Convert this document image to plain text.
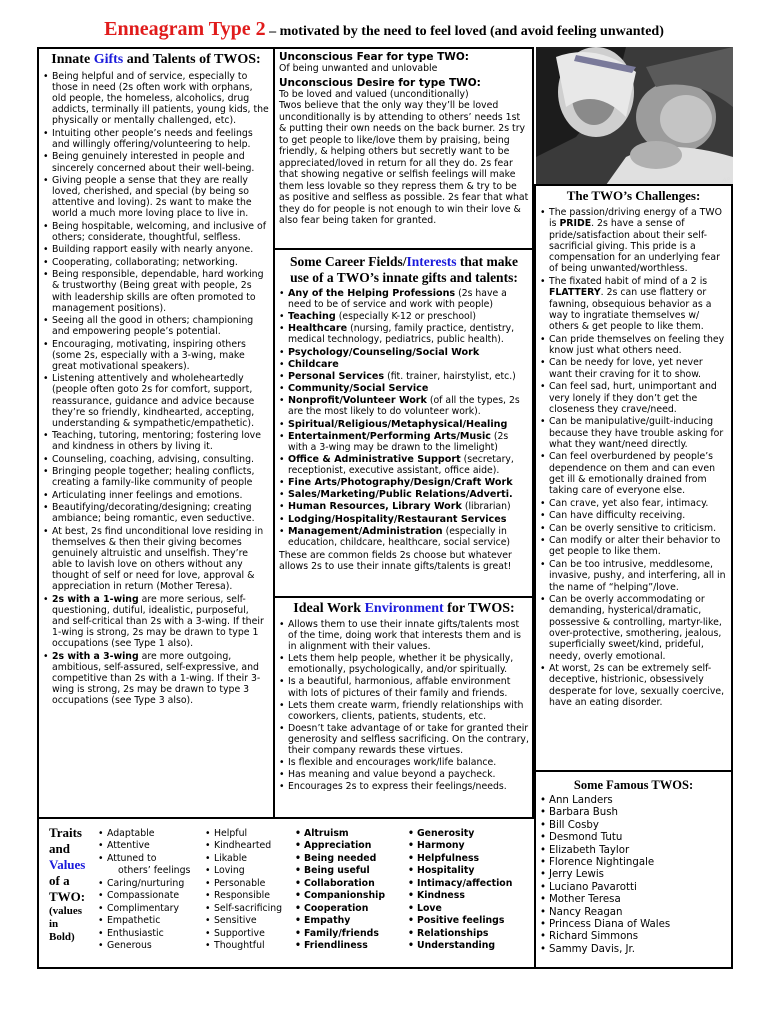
Enneagram Type 2 – motivated by the need to feel loved (and avoid feeling unwanted)
Innate Gifts and Talents of TWOS:
• Being helpful and of service, especially to those in need (2s often work with orphans, old people, the homeless, alcoholics, drug addicts, terminally ill patients, young kids, the physically or mentally challenged, etc).
• Intuiting other people’s needs and feelings and willingly offering/volunteering to help.
• Being genuinely interested in people and sincerely concerned about their well-being.
• Giving people a sense that they are really loved, cherished, and special (by being so attentive and loving). 2s want to make the world a much more loving place to live in.
• Being hospitable, welcoming, and inclusive of others; considerate, thoughtful, selfless.
• Building rapport easily with nearly anyone.
• Cooperating, collaborating; networking.
• Being responsible, dependable, hard working & trustworthy (Being great with people, 2s with leadership skills are often promoted to management positions).
• Seeing all the good in others; championing and empowering people’s potential.
• Encouraging, motivating, inspiring others (some 2s, especially with a 3-wing, make great motivational speakers).
• Listening attentively and wholeheartedly (people often goto 2s for comfort, support, reassurance, guidance and advice because they’re so friendly, kindhearted, accepting, understanding & sympathetic/empathetic).
• Teaching, tutoring, mentoring; fostering love and kindness in others by living it.
• Counseling, coaching, advising, consulting.
• Bringing people together; healing conflicts, creating a family-like community of people
• Articulating inner feelings and emotions.
• Beautifying/decorating/designing; creating ambiance; being romantic, even seductive.
• At best, 2s find unconditional love residing in themselves & then their giving becomes genuinely altruistic and unselfish. They’re able to lavish love on others without any thought of self or need for love, approval & appreciation in return (Mother Teresa).
• 2s with a 1-wing are more serious, self-questioning, dutiful, idealistic, purposeful, and self-critical than 2s with a 3-wing. If their 1-wing is strong, 2s may be drawn to type 1 occupations (see Type 1 also).
• 2s with a 3-wing are more outgoing, ambitious, self-assured, self-expressive, and competitive than 2s with a 1-wing. If their 3-wing is strong, 2s may be drawn to type 3 occupations (see Type 3 also).
Unconscious Fear for type TWO:
Of being unwanted and unlovable
Unconscious Desire for type TWO:
To be loved and valued (unconditionally)
Twos believe that the only way they’ll be loved unconditionally is by attending to others’ needs 1st & putting their own needs on the back burner. 2s try to get people to like/love them by praising, being friendly, & helping others but secretly want to be appreciated/loved in return for all they do. 2s fear that showing negative or selfish feelings will make them less lovable so they repress them & try to be as positive and selfless as possible. 2s fear that what they do for people is not enough to win their love & also fear being taken for granted.
AP
The TWO’s Challenges:
• The passion/driving energy of a TWO is PRIDE. 2s have a sense of pride/satisfaction about their self-sacrificial giving. This pride is a compensation for an underlying fear of being unwanted/worthless.
• The fixated habit of mind of a 2 is FLATTERY. 2s can use flattery or fawning, obsequious behavior as a way to ingratiate themselves w/ others & get people to like them.
• Can pride themselves on feeling they know just what others need.
• Can be needy for love, yet never want their craving for it to show.
• Can feel sad, hurt, unimportant and very lonely if they don’t get the closeness they crave/need.
• Can be manipulative/guilt-inducing because they have trouble asking for what they want/need directly.
• Can feel overburdened by people’s dependence on them and can even get ill & emotionally drained from taking care of everyone else.
• Can crave, yet also fear, intimacy.
• Can have difficulty receiving.
• Can be overly sensitive to criticism.
• Can modify or alter their behavior to get people to like them.
• Can be too intrusive, meddlesome, invasive, pushy, and interfering, all in the name of “helping”/love.
• Can be overly accommodating or demanding, hysterical/dramatic, possessive & controlling, martyr-like, over-protective, smothering, jealous, superficially sweet/kind, prideful, needy, overly emotional.
• At worst, 2s can be extremely self-deceptive, histrionic, obsessively desperate for love, sexually coercive, have an eating disorder.
Some Career Fields/Interests that make use of a TWO’s innate gifts and talents:
• Any of the Helping Professions (2s have a need to be of service and work with people)
• Teaching (especially K-12 or preschool)
• Healthcare (nursing, family practice, dentistry, medical technology, pediatrics, public health).
• Psychology/Counseling/Social Work
• Childcare
• Personal Services (fit. trainer, hairstylist, etc.)
• Community/Social Service
• Nonprofit/Volunteer Work (of all the types, 2s are the most likely to do volunteer work).
• Spiritual/Religious/Metaphysical/Healing
• Entertainment/Performing Arts/Music (2s with a 3-wing may be drawn to the limelight)
• Office & Administrative Support (secretary, receptionist, executive assistant, office aide).
• Fine Arts/Photography/Design/Craft Work
• Sales/Marketing/Public Relations/Adverti.
• Human Resources, Library Work (librarian)
• Lodging/Hospitality/Restaurant Services
• Management/Administration (especially in education, childcare, healthcare, social service)
These are common fields 2s choose but whatever allows 2s to use their innate gifts/talents is great!
Ideal Work Environment for TWOS:
• Allows them to use their innate gifts/talents most of the time, doing work that interests them and is in alignment with their values.
• Lets them help people, whether it be physically, emotionally, psychologically, and/or spiritually.
• Is a beautiful, harmonious, affable environment with lots of pictures of their family and friends.
• Lets them create warm, friendly relationships with coworkers, clients, patients, students, etc.
• Doesn’t take advantage of or take for granted their generosity and selfless sacrificing. On the contrary, their company rewards these virtues.
• Is flexible and encourages work/life balance.
• Has meaning and value beyond a paycheck.
• Encourages 2s to express their feelings/needs.	Some Famous TWOS:
• Ann Landers
• Barbara Bush
• Bill Cosby
• Desmond Tutu
• Elizabeth Taylor
• Florence Nightingale
• Jerry Lewis
• Luciano Pavarotti
• Mother Teresa
• Nancy Reagan
• Princess Diana of Wales
• Richard Simmons
• Sammy Davis, Jr.
Traits
and
Values
of a
TWO:
(values
in
Bold)
• Adaptable
• Attentive
• Attuned to
others’ feelings
• Caring/nurturing
• Compassionate
• Complimentary
• Empathetic
• Enthusiastic
• Generous
• Helpful
• Kindhearted
• Likable
• Loving
• Personable
• Responsible
• Self-sacrificing
• Sensitive
• Supportive
• Thoughtful
• Altruism
• Appreciation
• Being needed
• Being useful
• Collaboration
• Companionship
• Cooperation
• Empathy
• Family/friends
• Friendliness
• Generosity
• Harmony
• Helpfulness
• Hospitality
• Intimacy/affection
• Kindness
• Love
• Positive feelings
• Relationships
• Understanding
